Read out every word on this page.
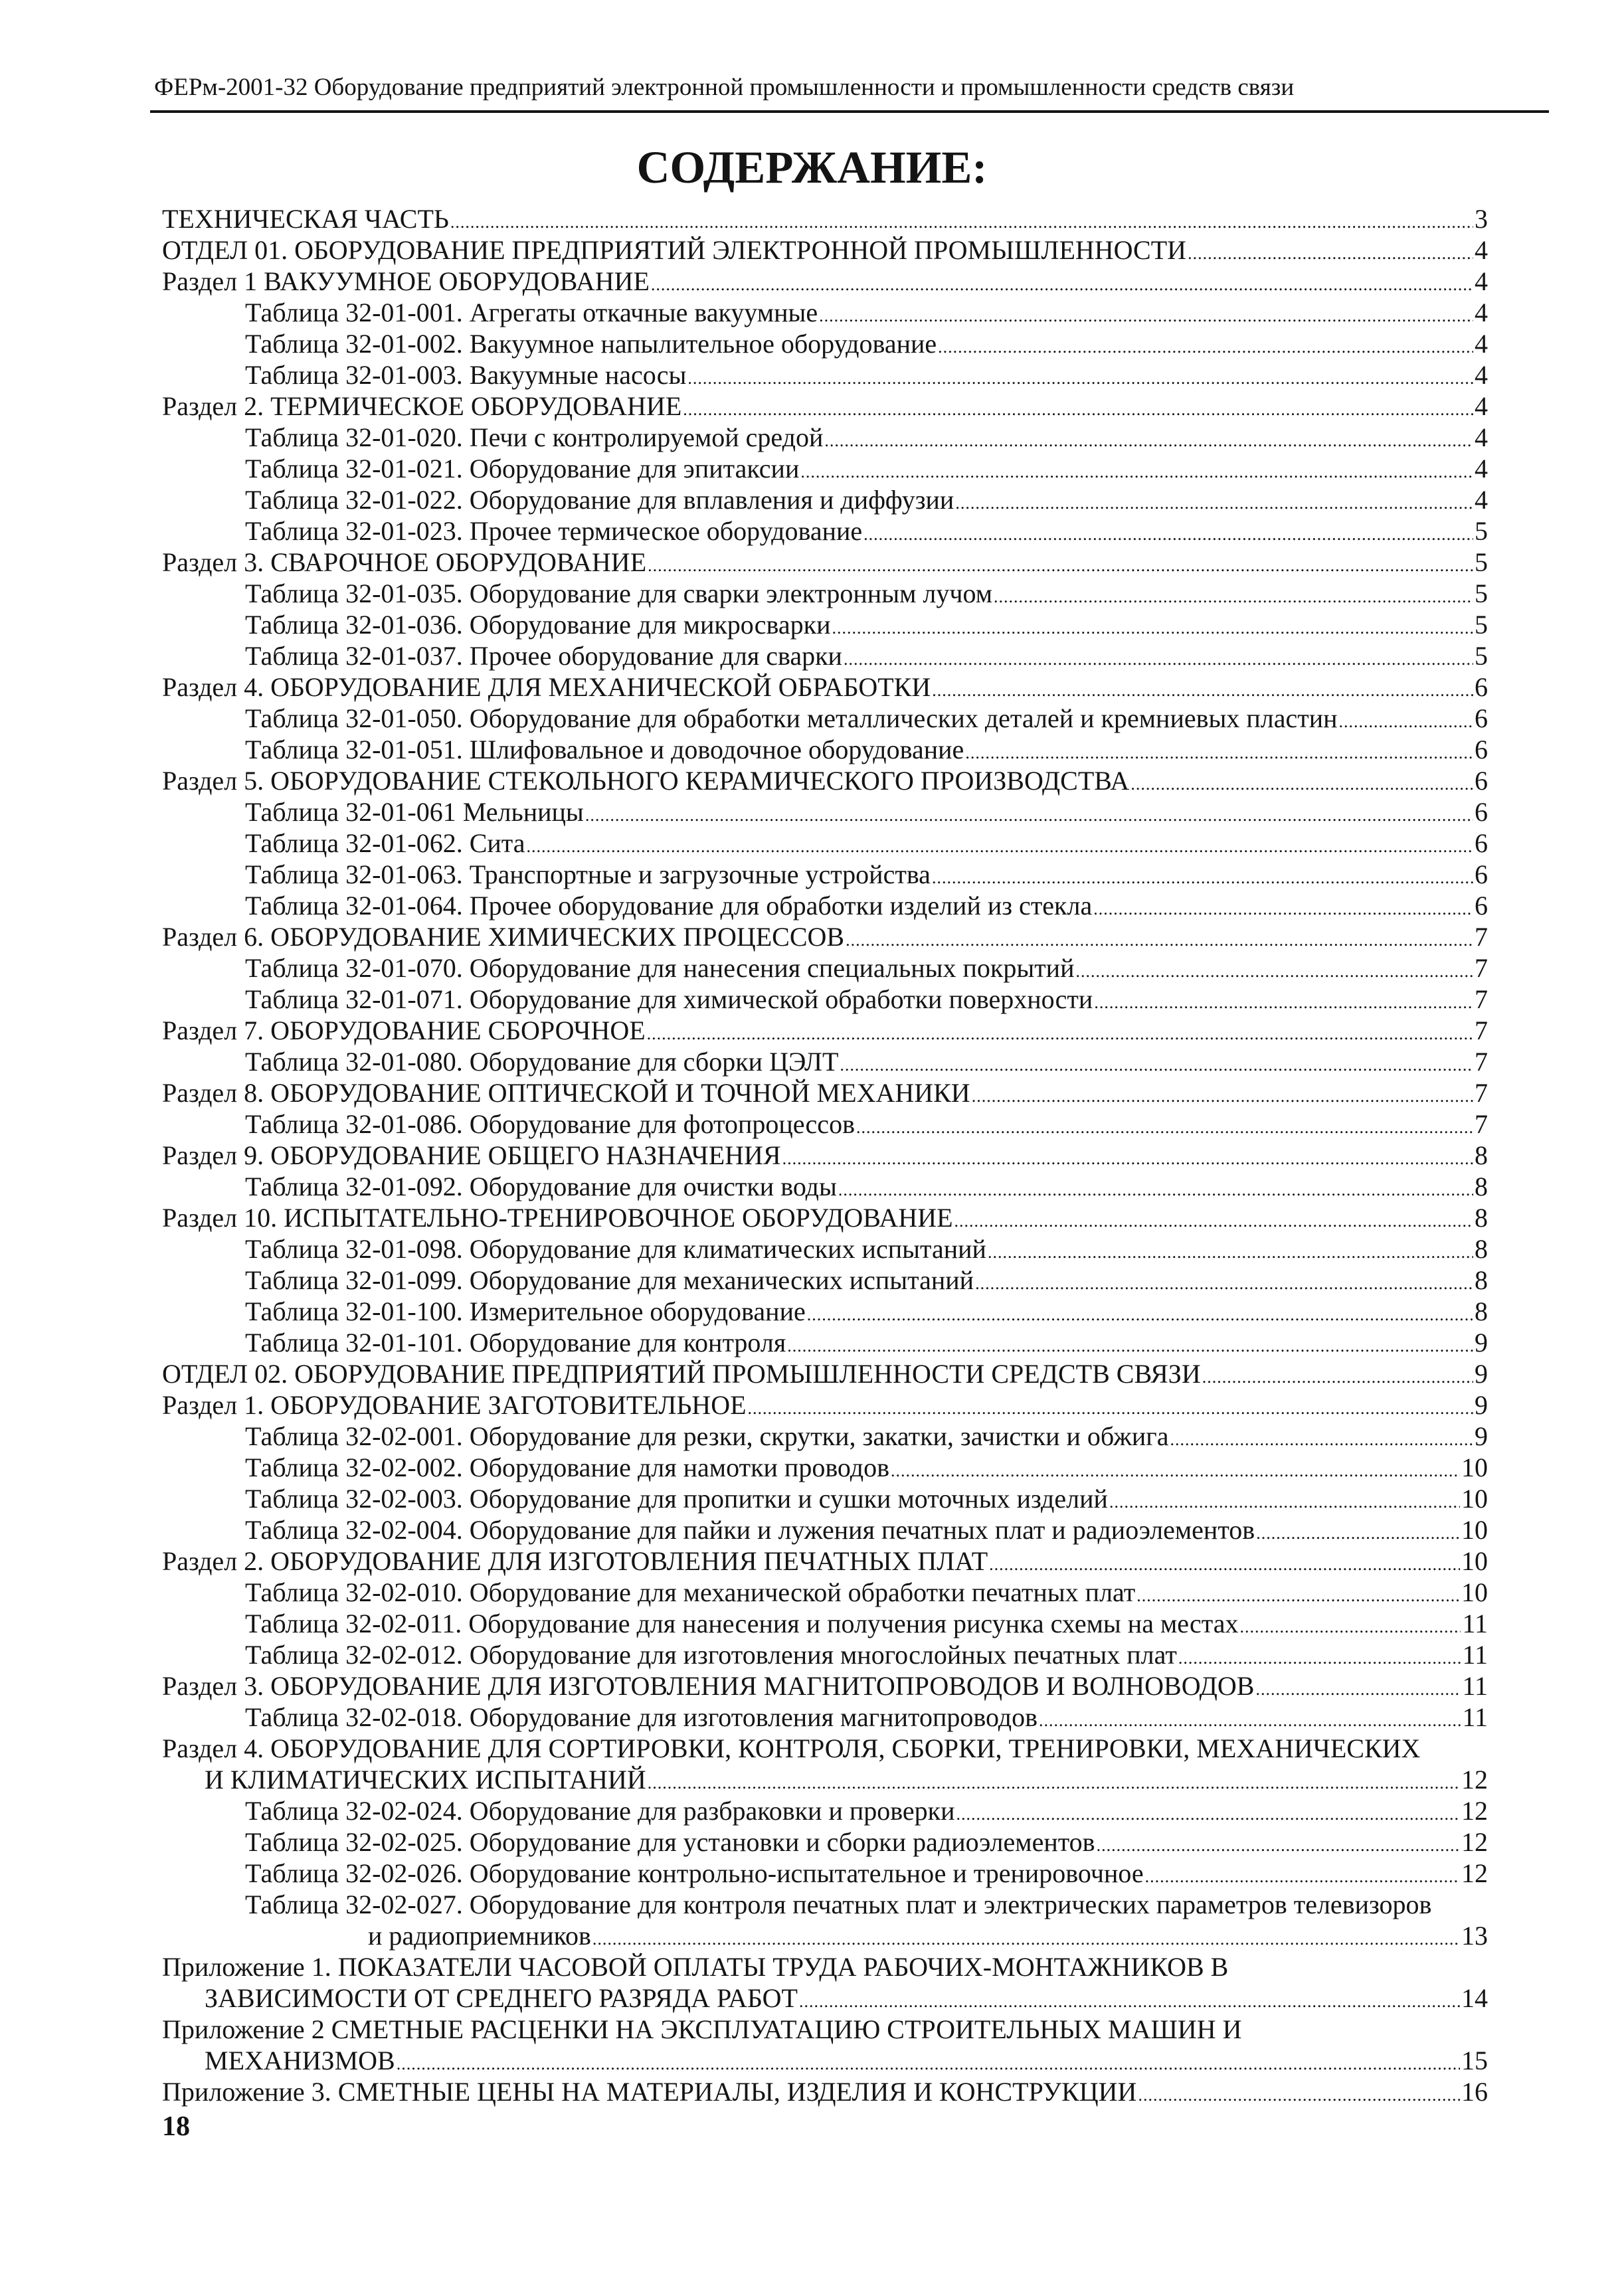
ФЕРм-2001-32 Оборудование предприятий электронной промышленности и промышленности средств связи
СОДЕРЖАНИЕ:
ТЕХНИЧЕСКАЯ ЧАСТЬ .....	3
ОТДЕЛ 01. ОБОРУДОВАНИЕ ПРЕДПРИЯТИЙ ЭЛЕКТРОННОЙ ПРОМЫШЛЕННОСТИ .....	4
Раздел 1 ВАКУУМНОЕ ОБОРУДОВАНИЕ .....	4
Таблица 32-01-001. Агрегаты откачные вакуумные .....	4
Таблица 32-01-002. Вакуумное напылительное оборудование .....	4
Таблица 32-01-003. Вакуумные насосы .....	4
Раздел 2. ТЕРМИЧЕСКОЕ ОБОРУДОВАНИЕ .....	4
Таблица 32-01-020. Печи с контролируемой средой .....	4
Таблица 32-01-021. Оборудование для эпитаксии .....	4
Таблица 32-01-022. Оборудование для вплавления и диффузии .....	4
Таблица 32-01-023. Прочее термическое оборудование .....	5
Раздел 3. СВАРОЧНОЕ ОБОРУДОВАНИЕ .....	5
Таблица 32-01-035. Оборудование для сварки электронным лучом .....	5
Таблица 32-01-036. Оборудование для микросварки .....	5
Таблица 32-01-037. Прочее оборудование для сварки .....	5
Раздел 4. ОБОРУДОВАНИЕ ДЛЯ МЕХАНИЧЕСКОЙ ОБРАБОТКИ .....	6
Таблица 32-01-050. Оборудование для обработки металлических деталей и кремниевых пластин .....	6
Таблица 32-01-051. Шлифовальное и доводочное оборудование .....	6
Раздел 5. ОБОРУДОВАНИЕ СТЕКОЛЬНОГО КЕРАМИЧЕСКОГО ПРОИЗВОДСТВА .....	6
Таблица 32-01-061 Мельницы .....	6
Таблица 32-01-062. Сита .....	6
Таблица 32-01-063. Транспортные и загрузочные устройства .....	6
Таблица 32-01-064. Прочее оборудование для обработки изделий из стекла .....	6
Раздел 6. ОБОРУДОВАНИЕ ХИМИЧЕСКИХ ПРОЦЕССОВ .....	7
Таблица 32-01-070. Оборудование для нанесения специальных покрытий .....	7
Таблица 32-01-071. Оборудование для химической обработки поверхности .....	7
Раздел 7. ОБОРУДОВАНИЕ СБОРОЧНОЕ .....	7
Таблица 32-01-080. Оборудование для сборки ЦЭЛТ .....	7
Раздел 8. ОБОРУДОВАНИЕ ОПТИЧЕСКОЙ И ТОЧНОЙ МЕХАНИКИ .....	7
Таблица 32-01-086. Оборудование для фотопроцессов .....	7
Раздел 9. ОБОРУДОВАНИЕ ОБЩЕГО НАЗНАЧЕНИЯ .....	8
Таблица 32-01-092. Оборудование для очистки воды .....	8
Раздел 10. ИСПЫТАТЕЛЬНО-ТРЕНИРОВОЧНОЕ ОБОРУДОВАНИЕ .....	8
Таблица 32-01-098. Оборудование для климатических испытаний .....	8
Таблица 32-01-099. Оборудование для механических испытаний .....	8
Таблица 32-01-100. Измерительное оборудование .....	8
Таблица 32-01-101. Оборудование для контроля .....	9
ОТДЕЛ 02. ОБОРУДОВАНИЕ ПРЕДПРИЯТИЙ ПРОМЫШЛЕННОСТИ СРЕДСТВ СВЯЗИ .....	9
Раздел 1. ОБОРУДОВАНИЕ ЗАГОТОВИТЕЛЬНОЕ .....	9
Таблица 32-02-001. Оборудование для резки, скрутки, закатки, зачистки и обжига .....	9
Таблица 32-02-002. Оборудование для намотки проводов .....	10
Таблица 32-02-003. Оборудование для пропитки и сушки моточных изделий .....	10
Таблица 32-02-004. Оборудование для пайки и лужения печатных плат и радиоэлементов .....	10
Раздел 2. ОБОРУДОВАНИЕ ДЛЯ ИЗГОТОВЛЕНИЯ ПЕЧАТНЫХ ПЛАТ .....	10
Таблица 32-02-010. Оборудование для механической обработки печатных плат .....	10
Таблица 32-02-011. Оборудование для нанесения и получения рисунка схемы на местах .....	11
Таблица 32-02-012. Оборудование для изготовления многослойных печатных плат .....	11
Раздел 3. ОБОРУДОВАНИЕ ДЛЯ ИЗГОТОВЛЕНИЯ МАГНИТОПРОВОДОВ И ВОЛНОВОДОВ .....	11
Таблица 32-02-018. Оборудование для изготовления магнитопроводов .....	11
Раздел 4. ОБОРУДОВАНИЕ ДЛЯ СОРТИРОВКИ, КОНТРОЛЯ, СБОРКИ, ТРЕНИРОВКИ, МЕХАНИЧЕСКИХ
И КЛИМАТИЧЕСКИХ ИСПЫТАНИЙ .....	12
Таблица 32-02-024. Оборудование для разбраковки и проверки .....	12
Таблица 32-02-025. Оборудование для установки и сборки радиоэлементов .....	12
Таблица 32-02-026. Оборудование контрольно-испытательное и тренировочное .....	12
Таблица 32-02-027. Оборудование для контроля печатных плат и электрических параметров телевизоров
и радиоприемников .....	13
Приложение 1. ПОКАЗАТЕЛИ ЧАСОВОЙ ОПЛАТЫ ТРУДА РАБОЧИХ-МОНТАЖНИКОВ В
ЗАВИСИМОСТИ ОТ СРЕДНЕГО РАЗРЯДА РАБОТ .....	14
Приложение 2 СМЕТНЫЕ РАСЦЕНКИ НА ЭКСПЛУАТАЦИЮ СТРОИТЕЛЬНЫХ МАШИН И
МЕХАНИЗМОВ .....	15
Приложение 3. СМЕТНЫЕ ЦЕНЫ НА МАТЕРИАЛЫ, ИЗДЕЛИЯ И КОНСТРУКЦИИ .....	16
18
